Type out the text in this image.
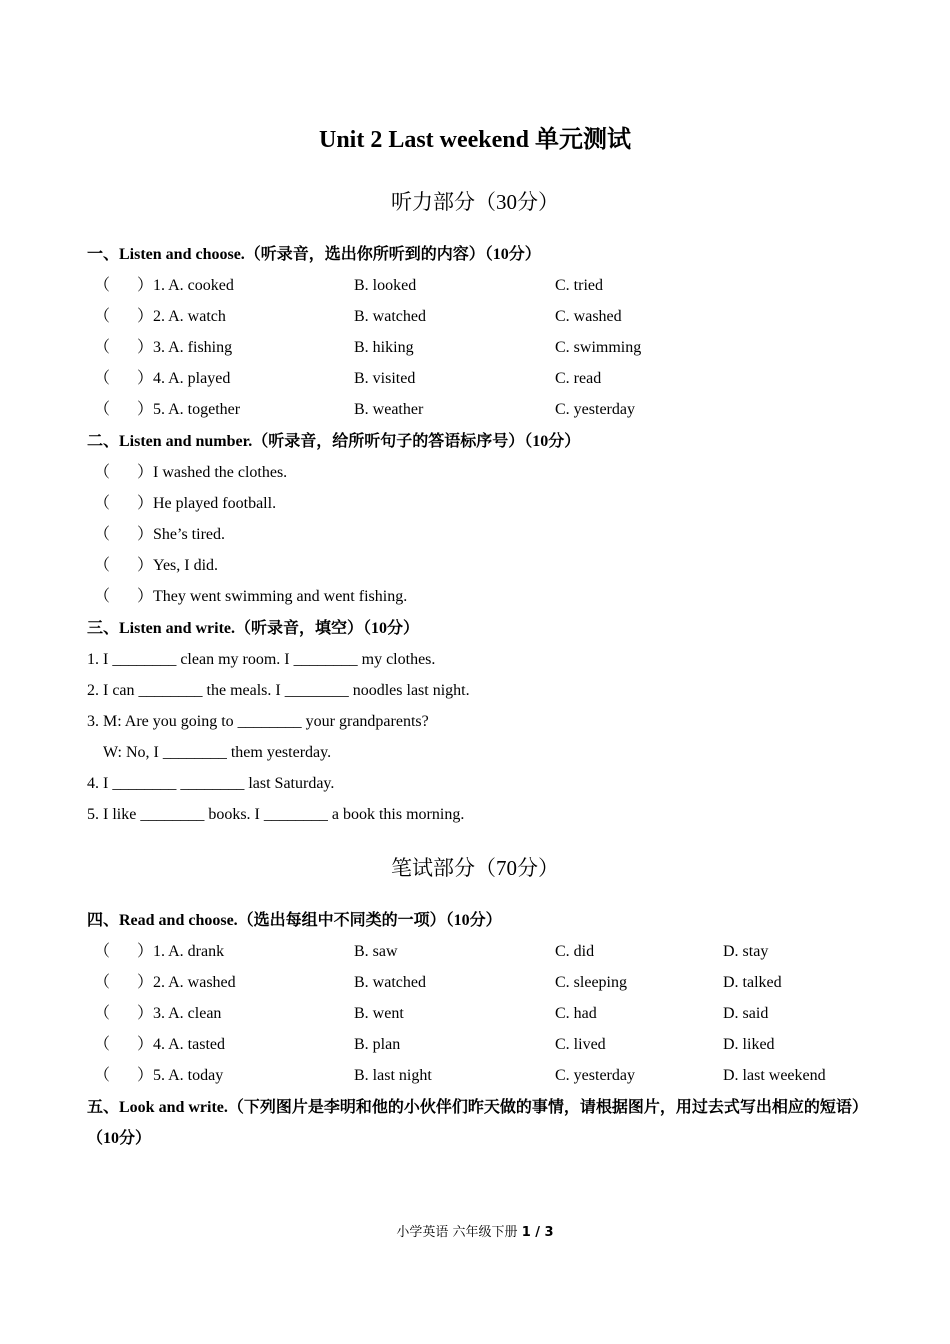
Unit 2 Last weekend 单元测试
听力部分（30分）
一、Listen and choose.（听录音，选出你所听到的内容）（10分）
（ ）1. A. cooked	B. looked	C. tried
（ ）2. A. watch	B. watched	C. washed
（ ）3. A. fishing	B. hiking	C. swimming
（ ）4. A. played	B. visited	C. read
（ ）5. A. together	B. weather	C. yesterday
二、Listen and number.（听录音，给所听句子的答语标序号）（10分）
（ ）I washed the clothes.
（ ）He played football.
（ ）She’s tired.
（ ）Yes, I did.
（ ）They went swimming and went fishing.
三、Listen and write.（听录音，填空）（10分）
1. I ________ clean my room. I ________ my clothes.
2. I can ________ the meals. I ________ noodles last night.
3. M: Are you going to ________ your grandparents?
W: No, I ________ them yesterday.
4. I ________ ________ last Saturday.
5. I like ________ books. I ________ a book this morning.
笔试部分（70分）
四、Read and choose.（选出每组中不同类的一项）（10分）
（ ）1. A. drank	B. saw	C. did	D. stay
（ ）2. A. washed	B. watched	C. sleeping	D. talked
（ ）3. A. clean	B. went	C. had	D. said
（ ）4. A. tasted	B. plan	C. lived	D. liked
（ ）5. A. today	B. last night	C. yesterday	D. last weekend
五、Look and write.（下列图片是李明和他的小伙伴们昨天做的事情，请根据图片，用过去式写出相应的短语）（10分）
小学英语 六年级下册 1 / 3
